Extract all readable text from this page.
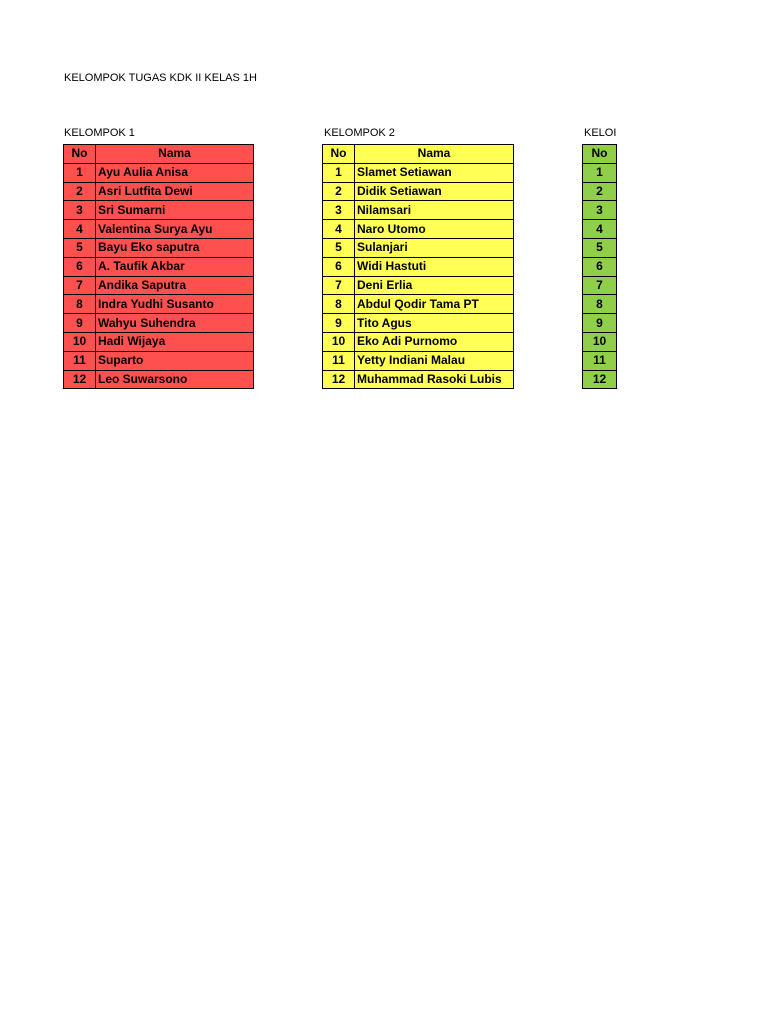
KELOMPOK TUGAS KDK II KELAS 1H
KELOMPOK 1	KELOMPOK 2	KELOI
No	Nama
1	Ayu Aulia Anisa
2	Asri Lutfita Dewi
3	Sri Sumarni
4	Valentina Surya Ayu
5	Bayu Eko saputra
6	A. Taufik Akbar
7	Andika Saputra
8	Indra Yudhi Susanto
9	Wahyu Suhendra
10	Hadi Wijaya
11	Suparto
12	Leo Suwarsono
No	Nama
1	Slamet Setiawan
2	Didik Setiawan
3	Nilamsari
4	Naro Utomo
5	Sulanjari
6	Widi Hastuti
7	Deni Erlia
8	Abdul Qodir Tama PT
9	Tito Agus
10	Eko Adi Purnomo
11	Yetty Indiani Malau
12	Muhammad Rasoki Lubis
No
1
2
3
4
5
6
7
8
9
10
11
12
